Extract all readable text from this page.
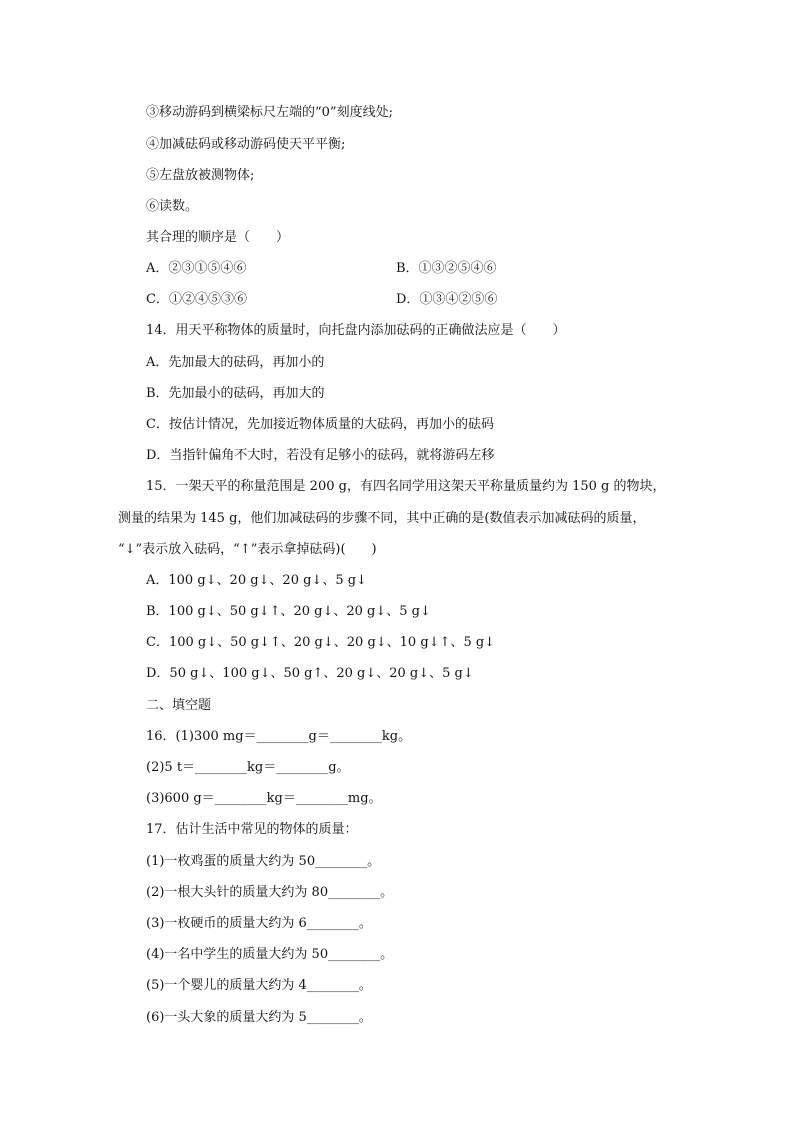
③移动游码到横梁标尺左端的“0”刻度线处;
④加减砝码或移动游码使天平平衡;
⑤左盘放被测物体;
⑥读数。
其合理的顺序是（　　）
A．②③①⑤④⑥	B．①③②⑤④⑥
C．①②④⑤③⑥	D．①③④②⑤⑥
14．用天平称物体的质量时，向托盘内添加砝码的正确做法应是（　　）
A．先加最大的砝码，再加小的
B．先加最小的砝码，再加大的
C．按估计情况，先加接近物体质量的大砝码，再加小的砝码
D．当指针偏角不大时，若没有足够小的砝码，就将游码左移
15．一架天平的称量范围是 200 g，有四名同学用这架天平称量质量约为 150 g 的物块，
测量的结果为 145 g，他们加减砝码的步骤不同，其中正确的是(数值表示加减砝码的质量，
“↓”表示放入砝码，“↑”表示拿掉砝码)(　　)
A．100 g↓、20 g↓、20 g↓、5 g↓
B．100 g↓、50 g↓↑、20 g↓、20 g↓、5 g↓
C．100 g↓、50 g↓↑、20 g↓、20 g↓、10 g↓↑、5 g↓
D．50 g↓、100 g↓、50 g↑、20 g↓、20 g↓、5 g↓
二、填空题
16．(1)300 mg＝________g＝________kg。
(2)5 t＝________kg＝________g。
(3)600 g＝________kg＝________mg。
17．估计生活中常见的物体的质量：
(1)一枚鸡蛋的质量大约为 50________。
(2)一根大头针的质量大约为 80________。
(3)一枚硬币的质量大约为 6________。
(4)一名中学生的质量大约为 50________。
(5)一个婴儿的质量大约为 4________。
(6)一头大象的质量大约为 5________。
